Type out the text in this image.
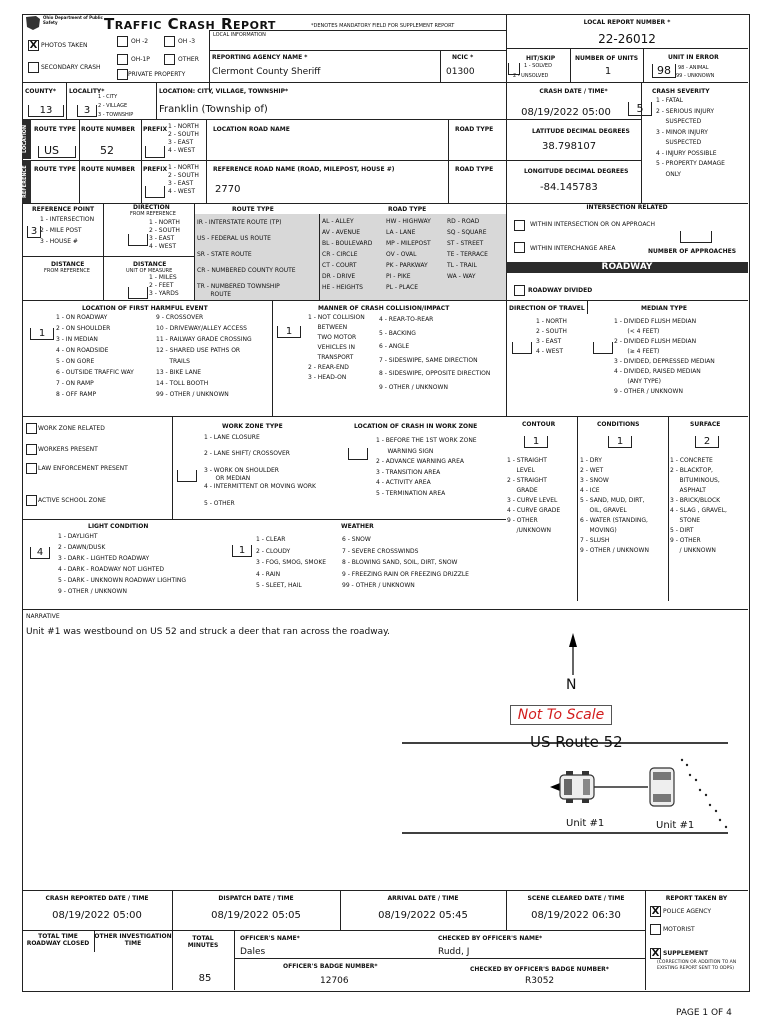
Ohio Department of Public Safety	Traffic Crash Report	*DENOTES MANDATORY FIELD FOR SUPPLEMENT REPORT
LOCAL INFORMATION
LOCAL REPORT NUMBER *
22-26012
X PHOTOS TAKEN
OH -2	OH -3
OH-1P	OTHER
SECONDARY CRASH
PRIVATE PROPERTY
REPORTING AGENCY NAME *
Clermont County Sheriff
NCIC *
01300
HIT/SKIP
1 - SOLVED
2 - UNSOLVED
NUMBER OF UNITS
1
UNIT IN ERROR
98	98 - ANIMAL
99 - UNKNOWN
COUNTY*
13
LOCALITY*
3
1 - CITY
2 - VILLAGE
3 - TOWNSHIP
LOCATION: CITY, VILLAGE, TOWNSHIP*
Franklin (Township of)
CRASH DATE / TIME*
08/19/2022 05:00
CRASH SEVERITY
5
1 - FATAL
2 - SERIOUS INJURY
SUSPECTED
3 - MINOR INJURY
SUSPECTED
4 - INJURY POSSIBLE
5 - PROPERTY DAMAGE
ONLY
LOCATION	ROUTE TYPE
US
ROUTE NUMBER
52
PREFIX 1 - NORTH
2 - SOUTH
3 - EAST
4 - WEST
LOCATION ROAD NAME	ROAD TYPE	LATITUDE DECIMAL DEGREES
38.798107
REFERENCE	ROUTE TYPE ROUTE NUMBER PREFIX 1 - NORTH
2 - SOUTH
3 - EAST
4 - WEST
REFERENCE ROAD NAME (ROAD, MILEPOST, HOUSE #)
2770
ROAD TYPE	LONGITUDE DECIMAL DEGREES
-84.145783
REFERENCE POINT
1 - INTERSECTION
2 - MILE POST
3 - HOUSE #
3
DIRECTION
FROM REFERENCE
1 - NORTH
2 - SOUTH
3 - EAST
4 - WEST
DISTANCE
FROM REFERENCE
DISTANCE
UNIT OF MEASURE
1 - MILES
2 - FEET
3 - YARDS
ROUTE TYPE	ROAD TYPE
IR - INTERSTATE ROUTE (TP)

US - FEDERAL US ROUTE

SR - STATE ROUTE

CR - NUMBERED COUNTY ROUTE

TR - NUMBERED TOWNSHIP
ROUTE
AL - ALLEY
AV - AVENUE
BL - BOULEVARD
CR - CIRCLE
CT - COURT
DR - DRIVE
HE - HEIGHTS
HW - HIGHWAY
LA - LANE
MP - MILEPOST
OV - OVAL
PK - PARKWAY
PI - PIKE
PL - PLACE
RD - ROAD
SQ - SQUARE
ST - STREET
TE - TERRACE
TL - TRAIL
WA - WAY
INTERSECTION RELATED
WITHIN INTERSECTION OR ON APPROACH
WITHIN INTERCHANGE AREA	NUMBER OF APPROACHES
ROADWAY
ROADWAY DIVIDED
LOCATION OF FIRST HARMFUL EVENT
1
1 - ON ROADWAY
2 - ON SHOULDER
3 - IN MEDIAN
4 - ON ROADSIDE
5 - ON GORE
6 - OUTSIDE TRAFFIC WAY
7 - ON RAMP
8 - OFF RAMP
9 - CROSSOVER
10 - DRIVEWAY/ALLEY ACCESS
11 - RAILWAY GRADE CROSSING
12 - SHARED USE PATHS OR
TRAILS
13 - BIKE LANE
14 - TOLL BOOTH
99 - OTHER / UNKNOWN
MANNER OF CRASH COLLISION/IMPACT
1
1 - NOT COLLISION
BETWEEN
TWO MOTOR
VEHICLES IN
TRANSPORT
2 - REAR-END
3 - HEAD-ON
4 - REAR-TO-REAR
5 - BACKING
6 - ANGLE
7 - SIDESWIPE, SAME DIRECTION
8 - SIDESWIPE, OPPOSITE DIRECTION
9 - OTHER / UNKNOWN
DIRECTION OF TRAVEL
1 - NORTH
2 - SOUTH
3 - EAST
4 - WEST
MEDIAN TYPE
1 - DIVIDED FLUSH MEDIAN
(< 4 FEET)
2 - DIVIDED FLUSH MEDIAN
(≥ 4 FEET)
3 - DIVIDED, DEPRESSED MEDIAN
4 - DIVIDED, RAISED MEDIAN
(ANY TYPE)
9 - OTHER / UNKNOWN
WORK ZONE RELATED
WORKERS PRESENT
LAW ENFORCEMENT PRESENT
ACTIVE SCHOOL ZONE
WORK ZONE TYPE
1 - LANE CLOSURE

2 - LANE SHIFT/ CROSSOVER

3 - WORK ON SHOULDER
OR MEDIAN
4 - INTERMITTENT OR MOVING WORK

5 - OTHER
LOCATION OF CRASH IN WORK ZONE
1 - BEFORE THE 1ST WORK ZONE
WARNING SIGN
2 - ADVANCE WARNING AREA
3 - TRANSITION AREA
4 - ACTIVITY AREA
5 - TERMINATION AREA
CONTOUR
1
1 - STRAIGHT
LEVEL
2 - STRAIGHT
GRADE
3 - CURVE LEVEL
4 - CURVE GRADE
9 - OTHER
/UNKNOWN
CONDITIONS
1
1 - DRY
2 - WET
3 - SNOW
4 - ICE
5 - SAND, MUD, DIRT,
OIL, GRAVEL
6 - WATER (STANDING,
MOVING)
7 - SLUSH
9 - OTHER / UNKNOWN
SURFACE
2
1 - CONCRETE
2 - BLACKTOP,
BITUMINOUS,
ASPHALT
3 - BRICK/BLOCK
4 - SLAG , GRAVEL,
STONE
5 - DIRT
9 - OTHER
/ UNKNOWN
LIGHT CONDITION
4
1 - DAYLIGHT
2 - DAWN/DUSK
3 - DARK - LIGHTED ROADWAY
4 - DARK - ROADWAY NOT LIGHTED
5 - DARK - UNKNOWN ROADWAY LIGHTING
9 - OTHER / UNKNOWN
WEATHER
1
1 - CLEAR
2 - CLOUDY
3 - FOG, SMOG, SMOKE
4 - RAIN
5 - SLEET, HAIL
6 - SNOW
7 - SEVERE CROSSWINDS
8 - BLOWING SAND, SOIL, DIRT, SNOW
9 - FREEZING RAIN OR FREEZING DRIZZLE
99 - OTHER / UNKNOWN
NARRATIVE
Unit #1 was westbound on US 52 and struck a deer that ran across the roadway.
N
Not To Scale
US Route 52
Unit #1	Unit #1
CRASH REPORTED DATE / TIME
08/19/2022 05:00
DISPATCH DATE / TIME
08/19/2022 05:05
ARRIVAL DATE / TIME
08/19/2022 05:45
SCENE CLEARED DATE / TIME
08/19/2022 06:30
REPORT TAKEN BY
X POLICE AGENCY
MOTORIST
X SUPPLEMENT
(CORRECTION OR ADDITION TO AN EXISTING REPORT SENT TO ODPS)
TOTAL TIME ROADWAY CLOSED
OTHER INVESTIGATION TIME
TOTAL MINUTES
85
OFFICER'S NAME*
Dales
CHECKED BY OFFICER'S NAME*
Rudd, J
OFFICER'S BADGE NUMBER*
12706
CHECKED BY OFFICER'S BADGE NUMBER*
R3052
PAGE 1 OF 4
